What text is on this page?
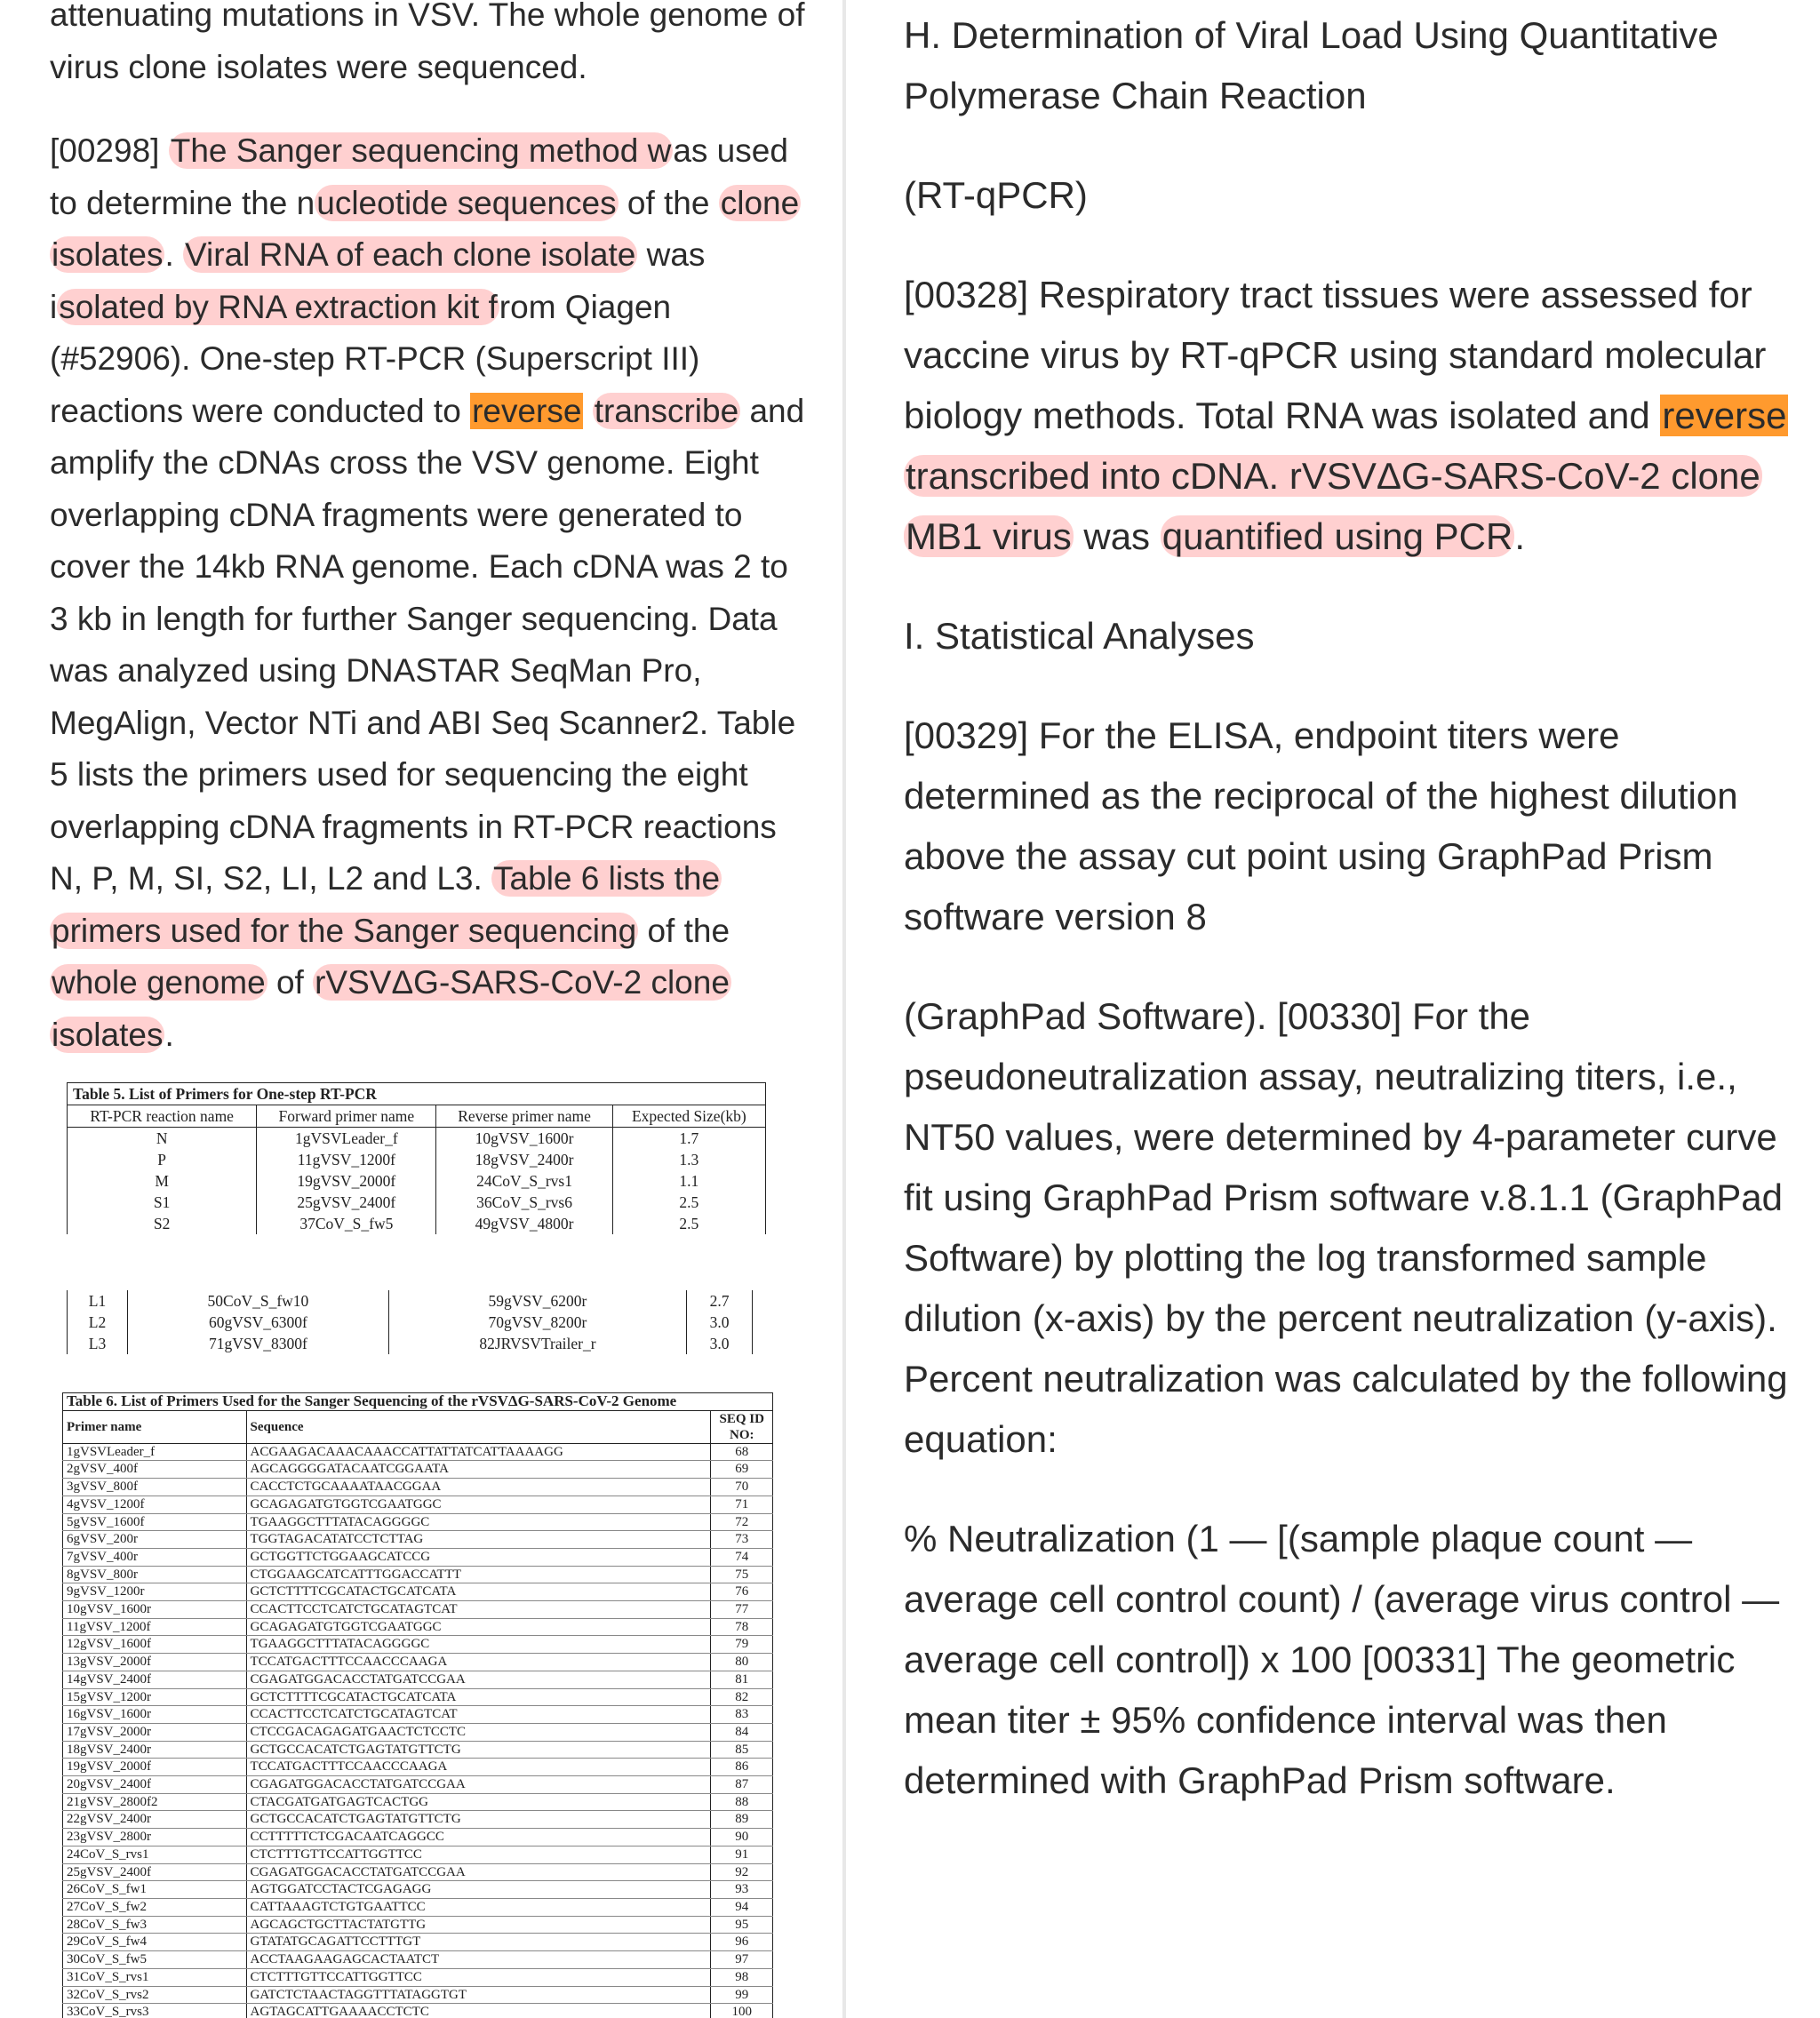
attenuating mutations in VSV. The whole genome of virus clone isolates were sequenced.

[00298] The Sanger sequencing method was used to determine the nucleotide sequences of the clone isolates. Viral RNA of each clone isolate was isolated by RNA extraction kit from Qiagen (#52906). One-step RT-PCR (Superscript III) reactions were conducted to reverse transcribe and amplify the cDNAs cross the VSV genome. Eight overlapping cDNA fragments were generated to cover the 14kb RNA genome. Each cDNA was 2 to 3 kb in length for further Sanger sequencing. Data was analyzed using DNASTAR SeqMan Pro, MegAlign, Vector NTi and ABI Seq Scanner2. Table 5 lists the primers used for sequencing the eight overlapping cDNA fragments in RT-PCR reactions N, P, M, SI, S2, LI, L2 and L3. Table 6 lists the primers used for the Sanger sequencing of the whole genome of rVSVΔG-SARS-CoV-2 clone isolates.

Table 5. List of Primers for One-step RT-PCR
RT-PCR reaction name	Forward primer name	Reverse primer name	Expected Size(kb)
N	1gVSVLeader_f	10gVSV_1600r	1.7
P	11gVSV_1200f	18gVSV_2400r	1.3
M	19gVSV_2000f	24CoV_S_rvs1	1.1
S1	25gVSV_2400f	36CoV_S_rvs6	2.5
S2	37CoV_S_fw5	49gVSV_4800r	2.5
L1	50CoV_S_fw10	59gVSV_6200r	2.7
L2	60gVSV_6300f	70gVSV_8200r	3.0
L3	71gVSV_8300f	82JRVSVTrailer_r	3.0
Table 6. List of Primers Used for the Sanger Sequencing of the rVSVΔG-SARS-CoV-2 Genome
Primer name	Sequence	SEQ ID NO:
1gVSVLeader_f	ACGAAGACAAACAAACCATTATTATCATTAAAAGG	68
2gVSV_400f	AGCAGGGGATACAATCGGAATA	69
3gVSV_800f	CACCTCTGCAAAATAACGGAA	70
4gVSV_1200f	GCAGAGATGTGGTCGAATGGC	71
5gVSV_1600f	TGAAGGCTTTATACAGGGGC	72
6gVSV_200r	TGGTAGACATATCCTCTTAG	73
7gVSV_400r	GCTGGTTCTGGAAGCATCCG	74
8gVSV_800r	CTGGAAGCATCATTTGGACCATTT	75
9gVSV_1200r	GCTCTTTTCGCATACTGCATCATA	76
10gVSV_1600r	CCACTTCCTCATCTGCATAGTCAT	77
11gVSV_1200f	GCAGAGATGTGGTCGAATGGC	78
12gVSV_1600f	TGAAGGCTTTATACAGGGGC	79
13gVSV_2000f	TCCATGACTTTCCAACCCAAGA	80
14gVSV_2400f	CGAGATGGACACCTATGATCCGAA	81
15gVSV_1200r	GCTCTTTTCGCATACTGCATCATA	82
16gVSV_1600r	CCACTTCCTCATCTGCATAGTCAT	83
17gVSV_2000r	CTCCGACAGAGATGAACTCTCCTC	84
18gVSV_2400r	GCTGCCACATCTGAGTATGTTCTG	85
19gVSV_2000f	TCCATGACTTTCCAACCCAAGA	86
20gVSV_2400f	CGAGATGGACACCTATGATCCGAA	87
21gVSV_2800f2	CTACGATGATGAGTCACTGG	88
22gVSV_2400r	GCTGCCACATCTGAGTATGTTCTG	89
23gVSV_2800r	CCTTTTTCTCGACAATCAGGCC	90
24CoV_S_rvs1	CTCTTTGTTCCATTGGTTCC	91
25gVSV_2400f	CGAGATGGACACCTATGATCCGAA	92
26CoV_S_fw1	AGTGGATCCTACTCGAGAGG	93
27CoV_S_fw2	CATTAAAGTCTGTGAATTCC	94
28CoV_S_fw3	AGCAGCTGCTTACTATGTTG	95
29CoV_S_fw4	GTATATGCAGATTCCTTTGT	96
30CoV_S_fw5	ACCTAAGAAGAGCACTAATCT	97
31CoV_S_rvs1	CTCTTTGTTCCATTGGTTCC	98
32CoV_S_rvs2	GATCTCTAACTAGGTTTATAGGTGT	99
33CoV_S_rvs3	AGTAGCATTGAAAACCTCTC	100

H. Determination of Viral Load Using Quantitative Polymerase Chain Reaction

(RT-qPCR)

[00328] Respiratory tract tissues were assessed for vaccine virus by RT-qPCR using standard molecular biology methods. Total RNA was isolated and reverse transcribed into cDNA. rVSVΔG-SARS-CoV-2 clone MB1 virus was quantified using PCR.

I. Statistical Analyses

[00329] For the ELISA, endpoint titers were determined as the reciprocal of the highest dilution above the assay cut point using GraphPad Prism software version 8

(GraphPad Software). [00330] For the pseudoneutralization assay, neutralizing titers, i.e., NT50 values, were determined by 4-parameter curve fit using GraphPad Prism software v.8.1.1 (GraphPad Software) by plotting the log transformed sample dilution (x-axis) by the percent neutralization (y-axis). Percent neutralization was calculated by the following equation:

% Neutralization (1 — [(sample plaque count — average cell control count) / (average virus control — average cell control]) x 100 [00331] The geometric mean titer ± 95% confidence interval was then determined with GraphPad Prism software.
